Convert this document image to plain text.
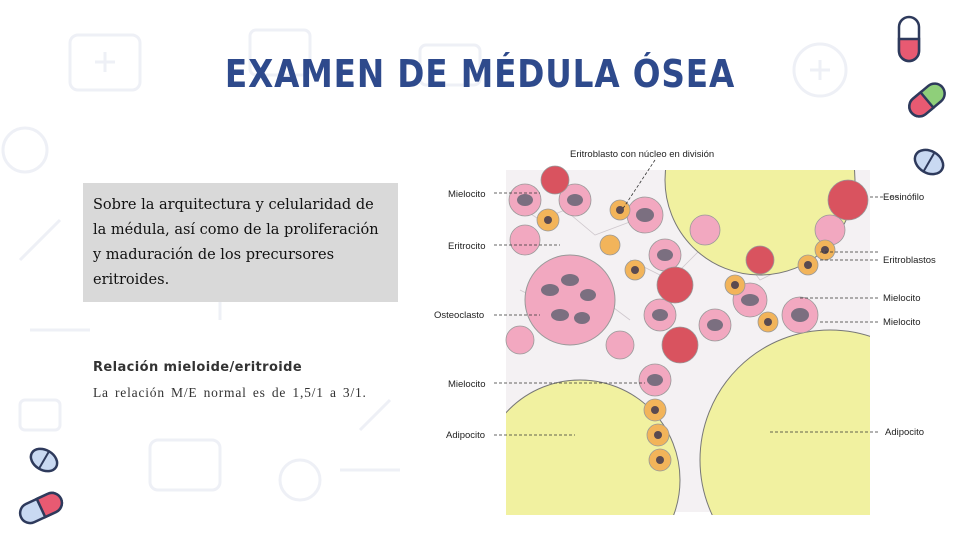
EXAMEN DE MÉDULA ÓSEA
Sobre la arquitectura y celularidad de la médula, así como de la proliferación y maduración de los precursores eritroides.
Relación mieloide/eritroide
La relación M/E normal es de 1,5/1 a 3/1.
Eritroblasto con núcleo en división
Mielocito
Eritrocito
Osteoclasto
Mielocito
Adipocito
Eosinófilo
Eritroblastos
Mielocito
Mielocito
Adipocito
